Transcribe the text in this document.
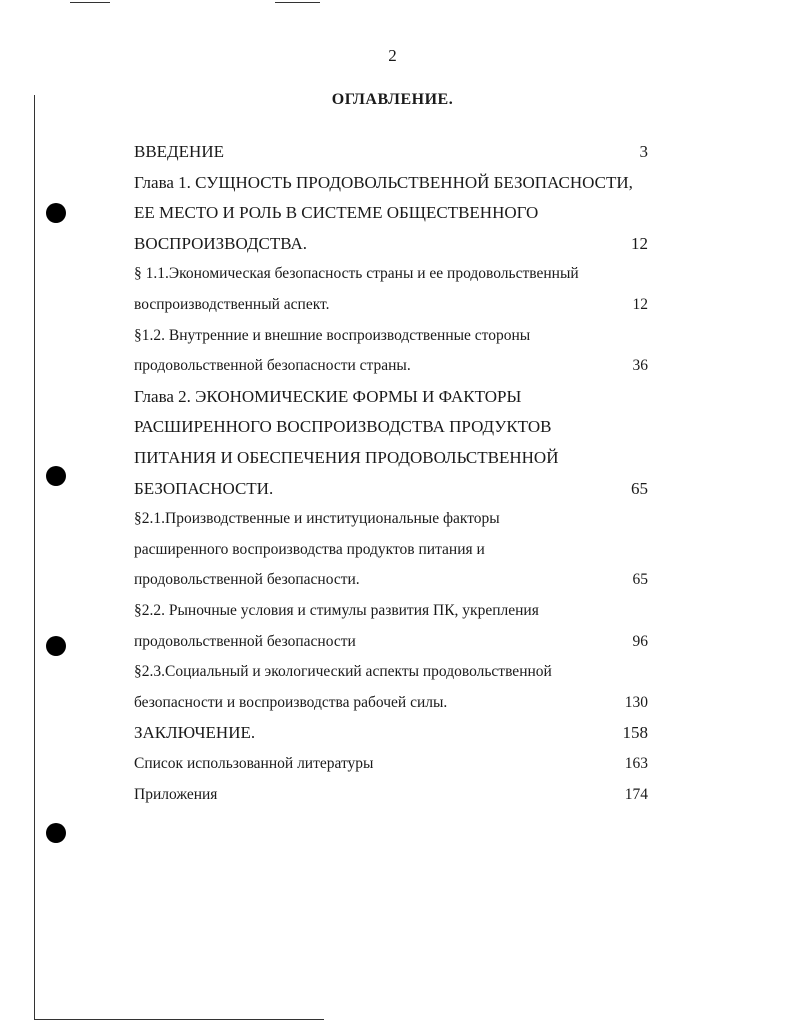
2
ОГЛАВЛЕНИЕ.
ВВЕДЕНИЕ	3
Глава 1. СУЩНОСТЬ ПРОДОВОЛЬСТВЕННОЙ БЕЗОПАСНОСТИ,
ЕЕ МЕСТО И РОЛЬ В СИСТЕМЕ ОБЩЕСТВЕННОГО
ВОСПРОИЗВОДСТВА.	12
§ 1.1.Экономическая безопасность страны и ее продовольственный
воспроизводственный аспект.	12
§1.2. Внутренние и внешние воспроизводственные стороны
продовольственной безопасности страны.	36
Глава 2. ЭКОНОМИЧЕСКИЕ ФОРМЫ И ФАКТОРЫ
РАСШИРЕННОГО ВОСПРОИЗВОДСТВА ПРОДУКТОВ
ПИТАНИЯ И ОБЕСПЕЧЕНИЯ ПРОДОВОЛЬСТВЕННОЙ
БЕЗОПАСНОСТИ.	65
§2.1.Производственные и институциональные факторы
расширенного воспроизводства продуктов питания и
продовольственной безопасности.	65
§2.2. Рыночные условия и стимулы развития ПК, укрепления
продовольственной безопасности	96
§2.3.Социальный и экологический аспекты продовольственной
безопасности и воспроизводства рабочей силы.	130
ЗАКЛЮЧЕНИЕ.	158
Список использованной литературы	163
Приложения	174
